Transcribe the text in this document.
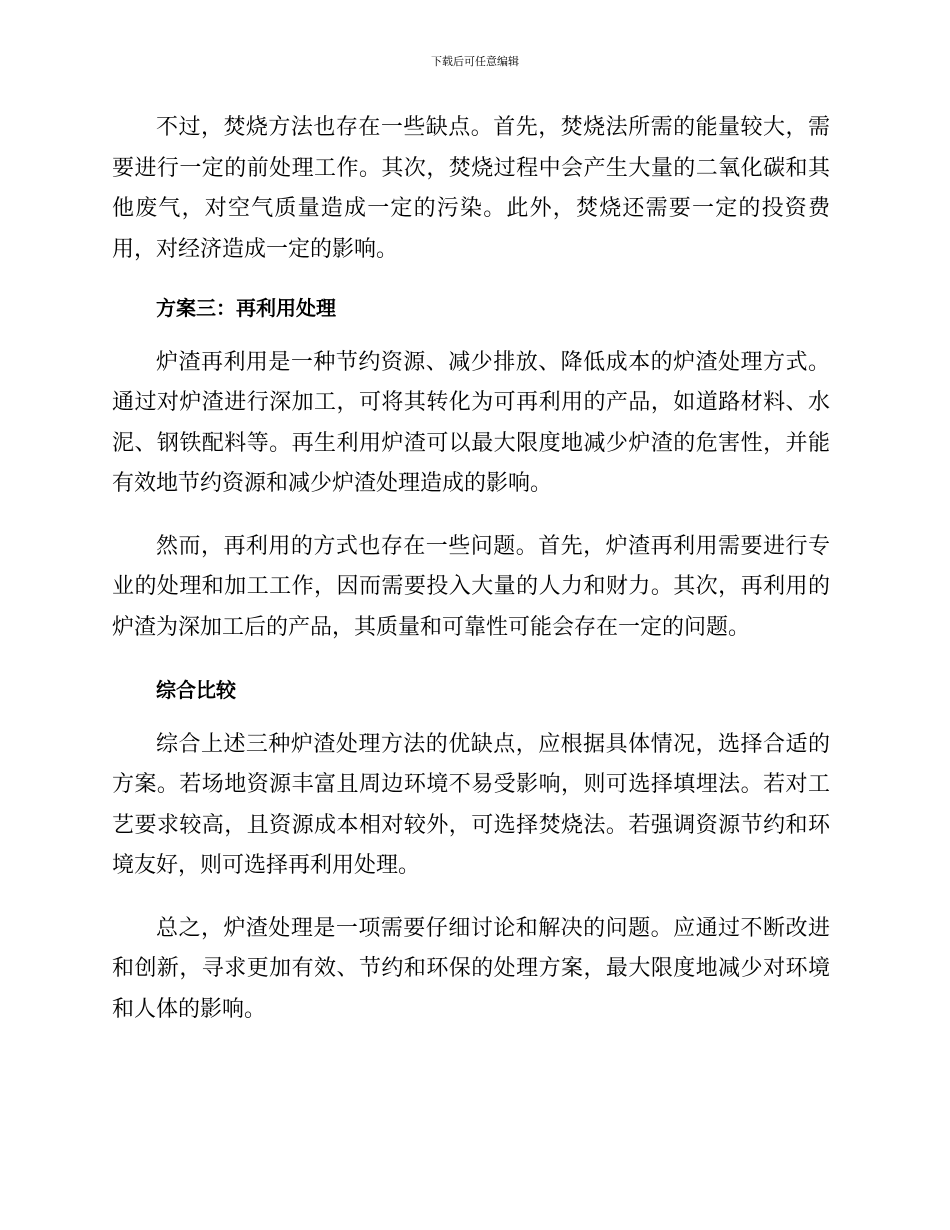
下载后可任意编辑

不过，焚烧方法也存在一些缺点。首先，焚烧法所需的能量较大，需要进行一定的前处理工作。其次，焚烧过程中会产生大量的二氧化碳和其他废气，对空气质量造成一定的污染。此外，焚烧还需要一定的投资费用，对经济造成一定的影响。

方案三：再利用处理

炉渣再利用是一种节约资源、减少排放、降低成本的炉渣处理方式。通过对炉渣进行深加工，可将其转化为可再利用的产品，如道路材料、水泥、钢铁配料等。再生利用炉渣可以最大限度地减少炉渣的危害性，并能有效地节约资源和减少炉渣处理造成的影响。

然而，再利用的方式也存在一些问题。首先，炉渣再利用需要进行专业的处理和加工工作，因而需要投入大量的人力和财力。其次，再利用的炉渣为深加工后的产品，其质量和可靠性可能会存在一定的问题。

综合比较

综合上述三种炉渣处理方法的优缺点，应根据具体情况，选择合适的方案。若场地资源丰富且周边环境不易受影响，则可选择填埋法。若对工艺要求较高，且资源成本相对较外，可选择焚烧法。若强调资源节约和环境友好，则可选择再利用处理。

总之，炉渣处理是一项需要仔细讨论和解决的问题。应通过不断改进和创新，寻求更加有效、节约和环保的处理方案，最大限度地减少对环境和人体的影响。
